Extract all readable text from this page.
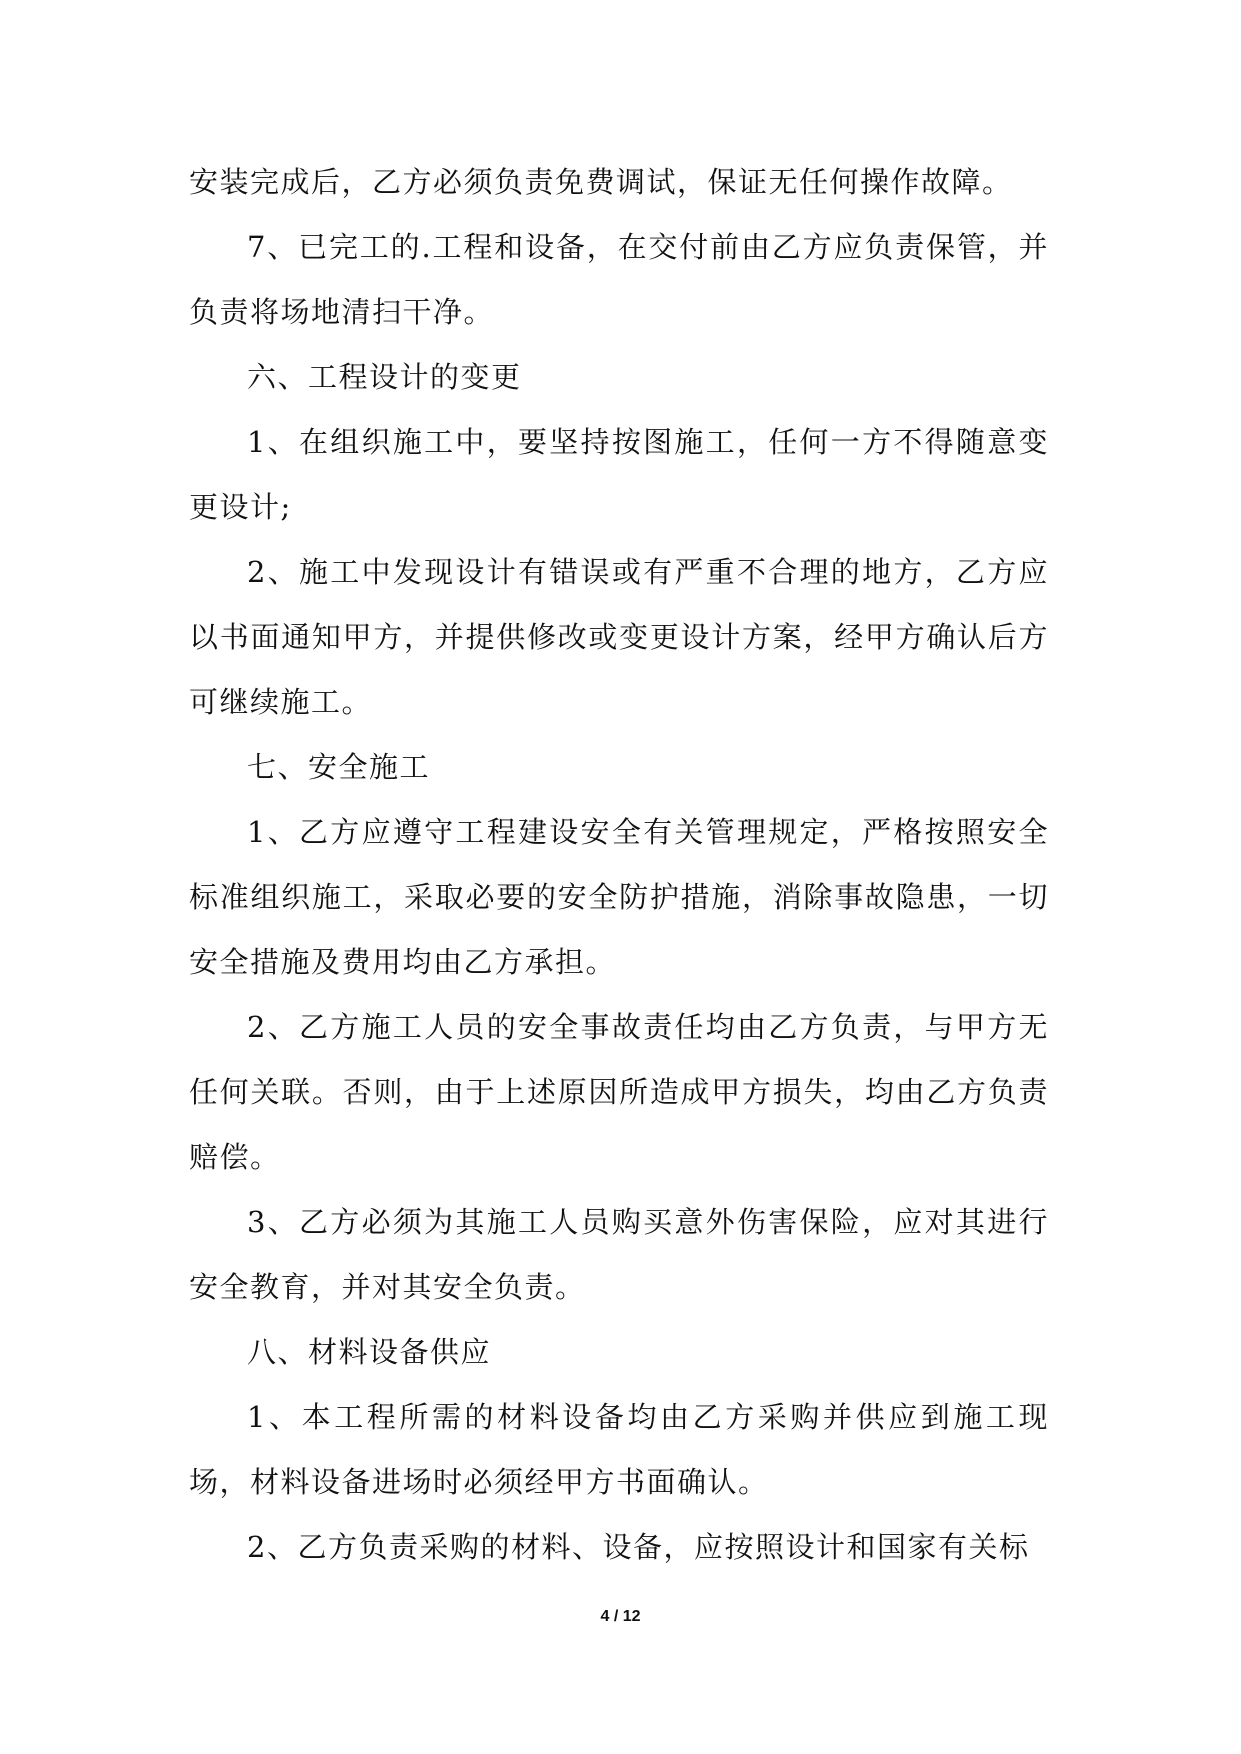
安装完成后，乙方必须负责免费调试，保证无任何操作故障。

7、已完工的.工程和设备，在交付前由乙方应负责保管，并负责将场地清扫干净。

六、工程设计的变更

1、在组织施工中，要坚持按图施工，任何一方不得随意变更设计;

2、施工中发现设计有错误或有严重不合理的地方，乙方应以书面通知甲方，并提供修改或变更设计方案，经甲方确认后方可继续施工。

七、安全施工

1、乙方应遵守工程建设安全有关管理规定，严格按照安全标准组织施工，采取必要的安全防护措施，消除事故隐患，一切安全措施及费用均由乙方承担。

2、乙方施工人员的安全事故责任均由乙方负责，与甲方无任何关联。否则，由于上述原因所造成甲方损失，均由乙方负责赔偿。

3、乙方必须为其施工人员购买意外伤害保险，应对其进行安全教育，并对其安全负责。

八、材料设备供应

1、本工程所需的材料设备均由乙方采购并供应到施工现场，材料设备进场时必须经甲方书面确认。

2、乙方负责采购的材料、设备，应按照设计和国家有关标

4 / 12
